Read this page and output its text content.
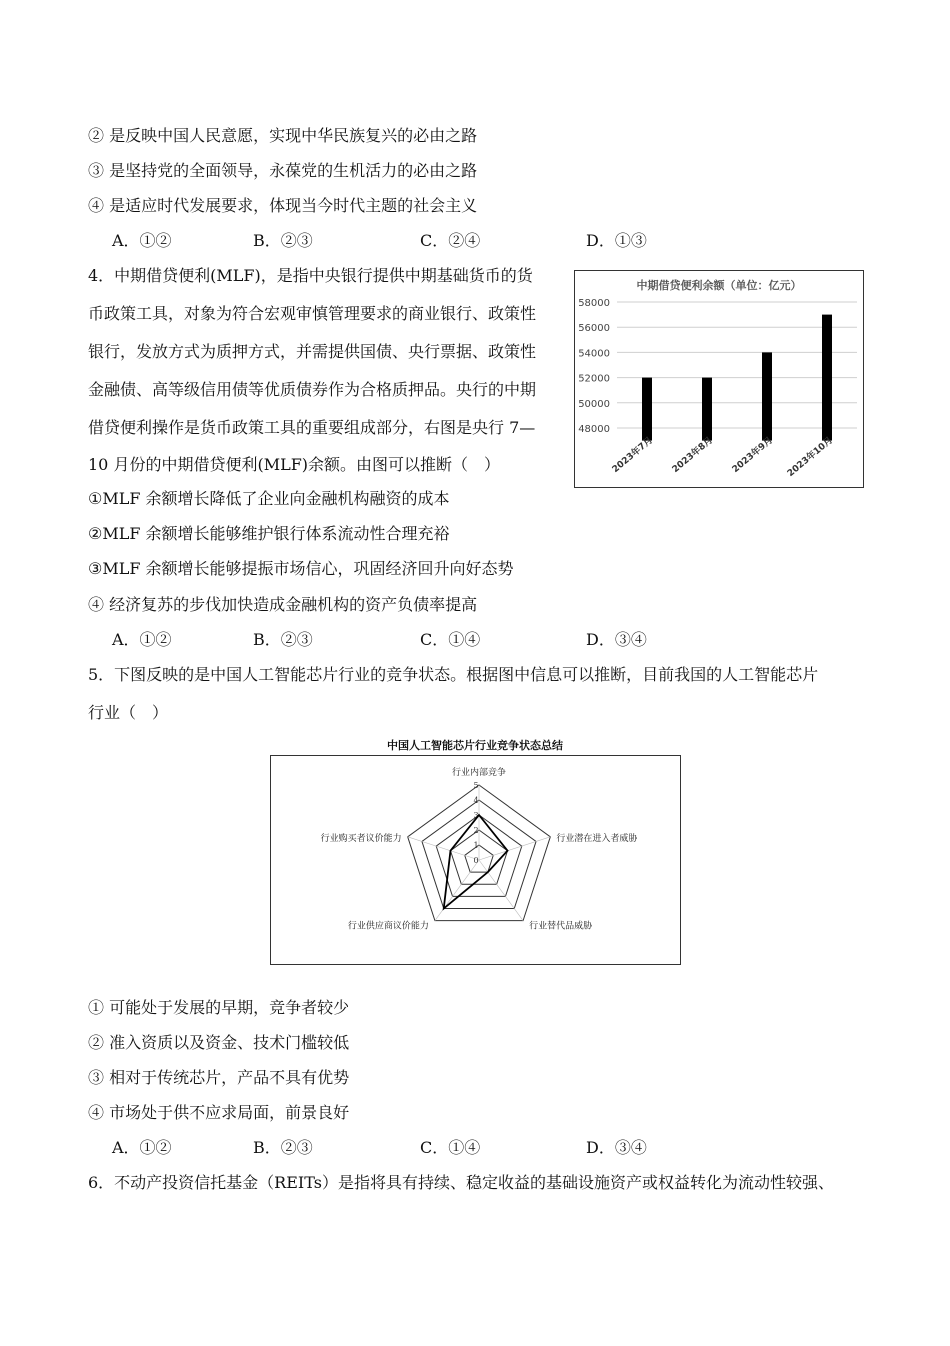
② 是反映中国人民意愿，实现中华民族复兴的必由之路
③ 是坚持党的全面领导，永葆党的生机活力的必由之路
④ 是适应时代发展要求，体现当今时代主题的社会主义
A．①②	B．②③	C．②④	D．①③
4．中期借贷便利(MLF)，是指中央银行提供中期基础货币的货
币政策工具，对象为符合宏观审慎管理要求的商业银行、政策性
银行，发放方式为质押方式，并需提供国债、央行票据、政策性
金融债、高等级信用债等优质债券作为合格质押品。央行的中期
借贷便利操作是货币政策工具的重要组成部分，右图是央行 7—
10 月份的中期借贷便利(MLF)余额。由图可以推断（　）
中期借贷便利余额（单位：亿元）
48000
50000
52000
54000
56000
58000
2023年7月 2023年8月 2023年9月 2023年10月
①MLF 余额增长降低了企业向金融机构融资的成本
②MLF 余额增长能够维护银行体系流动性合理充裕
③MLF 余额增长能够提振市场信心，巩固经济回升向好态势
④ 经济复苏的步伐加快造成金融机构的资产负债率提高
A．①②	B．②③	C．①④	D．③④
5．下图反映的是中国人工智能芯片行业的竞争状态。根据图中信息可以推断，目前我国的人工智能芯片
行业（　）
中国人工智能芯片行业竞争状态总结
0
1
2
3
4
5
行业内部竞争
行业潜在进入者威胁
行业替代品威胁
行业供应商议价能力
行业购买者议价能力
① 可能处于发展的早期，竞争者较少
② 准入资质以及资金、技术门槛较低
③ 相对于传统芯片，产品不具有优势
④ 市场处于供不应求局面，前景良好
A．①②	B．②③	C．①④	D．③④
6．不动产投资信托基金（REITs）是指将具有持续、稳定收益的基础设施资产或权益转化为流动性较强、
